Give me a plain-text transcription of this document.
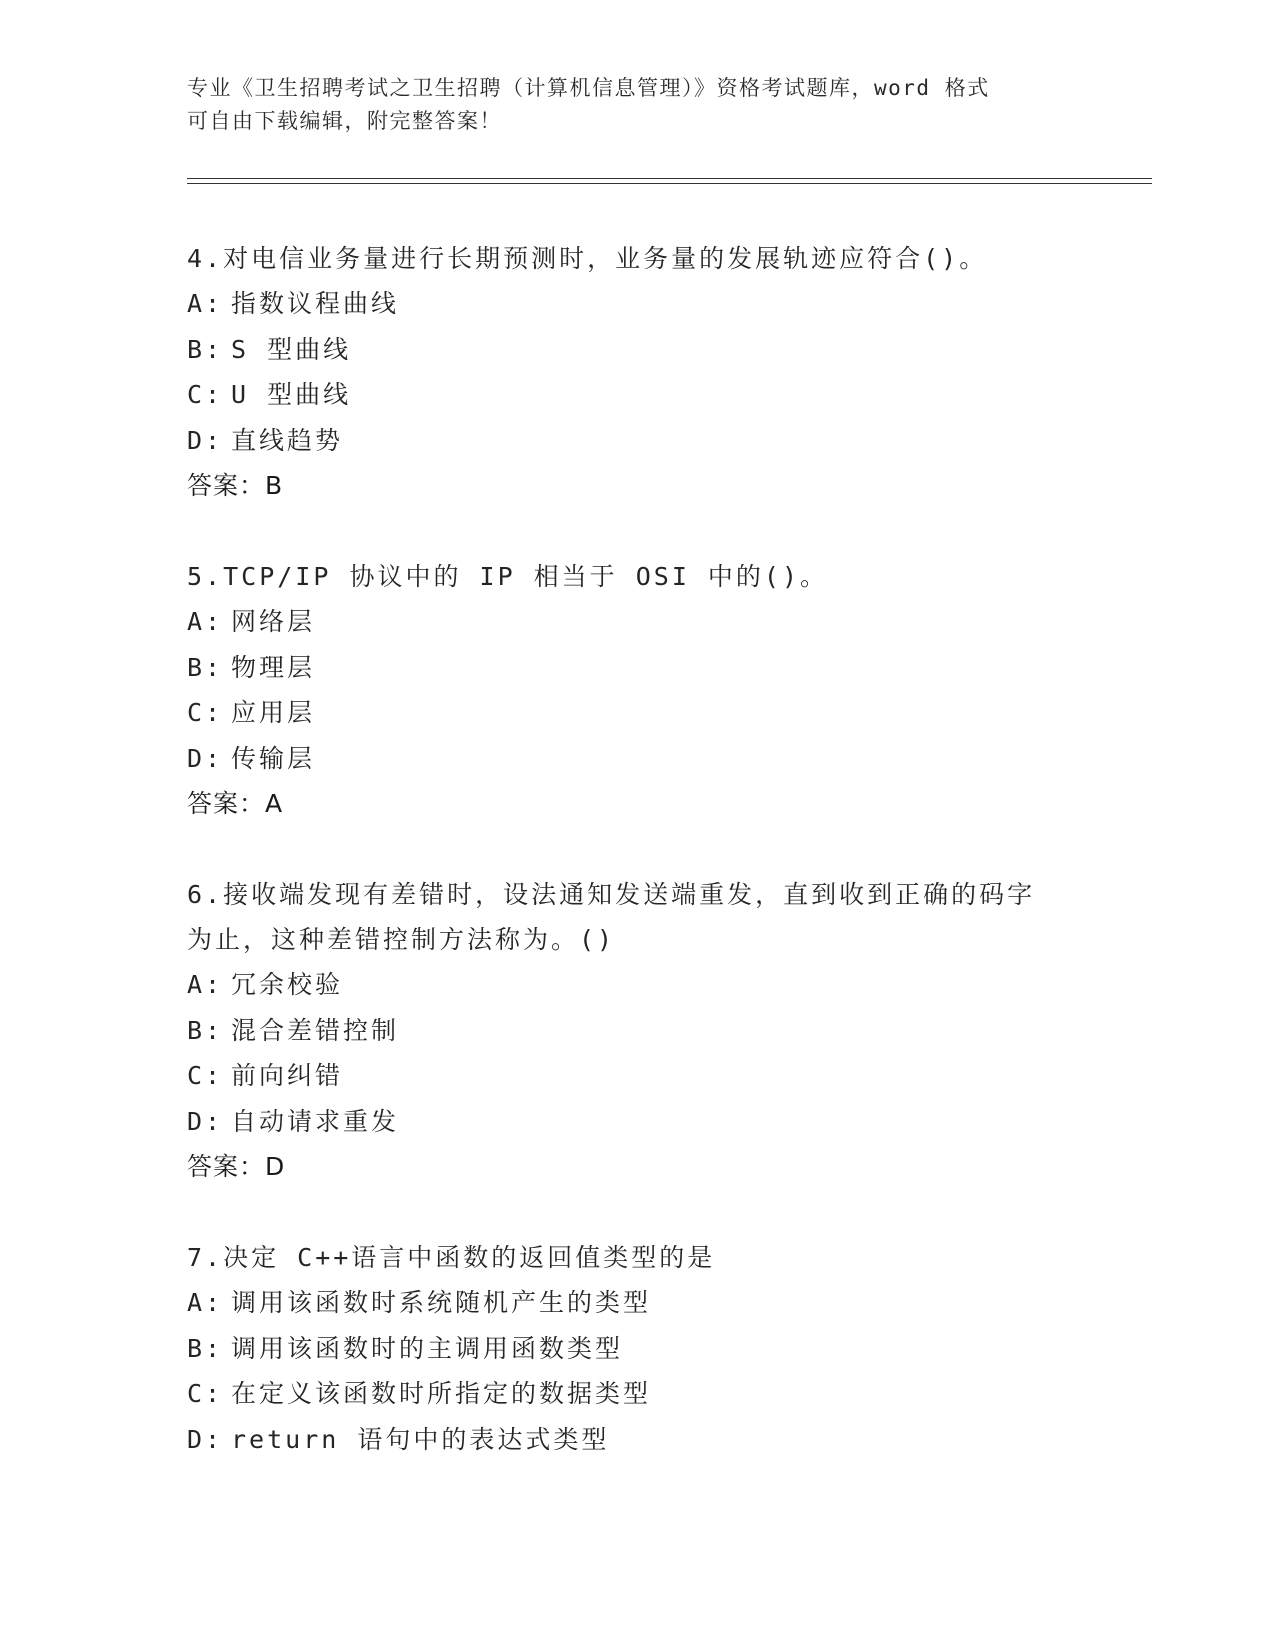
专业《卫生招聘考试之卫生招聘（计算机信息管理）》资格考试题库，word 格式
可自由下载编辑，附完整答案！

4.对电信业务量进行长期预测时，业务量的发展轨迹应符合()。

A: 指数议程曲线

B: S 型曲线

C: U 型曲线

D: 直线趋势

答案：B

5.TCP/IP 协议中的 IP 相当于 OSI 中的()。

A: 网络层

B: 物理层

C: 应用层

D: 传输层

答案：A

6.接收端发现有差错时，设法通知发送端重发，直到收到正确的码字

为止，这种差错控制方法称为。()

A: 冗余校验

B: 混合差错控制

C: 前向纠错

D: 自动请求重发

答案：D

7.决定 C++语言中函数的返回值类型的是

A: 调用该函数时系统随机产生的类型

B: 调用该函数时的主调用函数类型

C: 在定义该函数时所指定的数据类型

D: return 语句中的表达式类型
